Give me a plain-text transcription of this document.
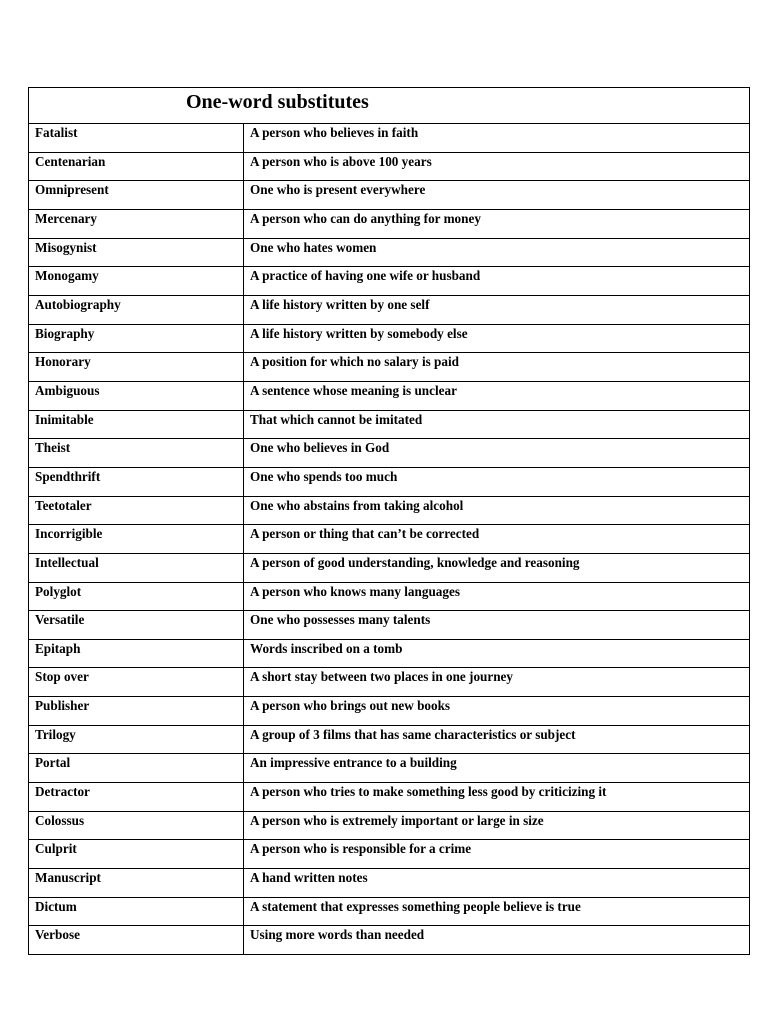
One-word substitutes	
Fatalist	A person who believes in faith
Centenarian	A person who is above 100 years
Omnipresent	One who is present everywhere
Mercenary	A person who can do anything for money
Misogynist	One who hates women
Monogamy	A practice of having one wife or husband
Autobiography	A life history written by one self
Biography	A life history written by somebody else
Honorary	A position for which no salary is paid
Ambiguous	A sentence whose meaning is unclear
Inimitable	That which cannot be imitated
Theist	One who believes in God
Spendthrift	One who spends too much
Teetotaler	One who abstains from taking alcohol
Incorrigible	A person or thing that can’t be corrected
Intellectual	A person of good understanding, knowledge and reasoning
Polyglot	A person who knows many languages
Versatile	One who possesses many talents
Epitaph	Words inscribed on a tomb
Stop over	A short stay between two places in one journey
Publisher	A person who brings out new books
Trilogy	A group of 3 films that has same characteristics or subject
Portal	An impressive entrance to a building
Detractor	A person who tries to make something less good by criticizing it
Colossus	A person who is extremely important or large in size
Culprit	A person who is responsible for a crime
Manuscript	A hand written notes
Dictum	A statement that expresses something people believe is true
Verbose	Using more words than needed
